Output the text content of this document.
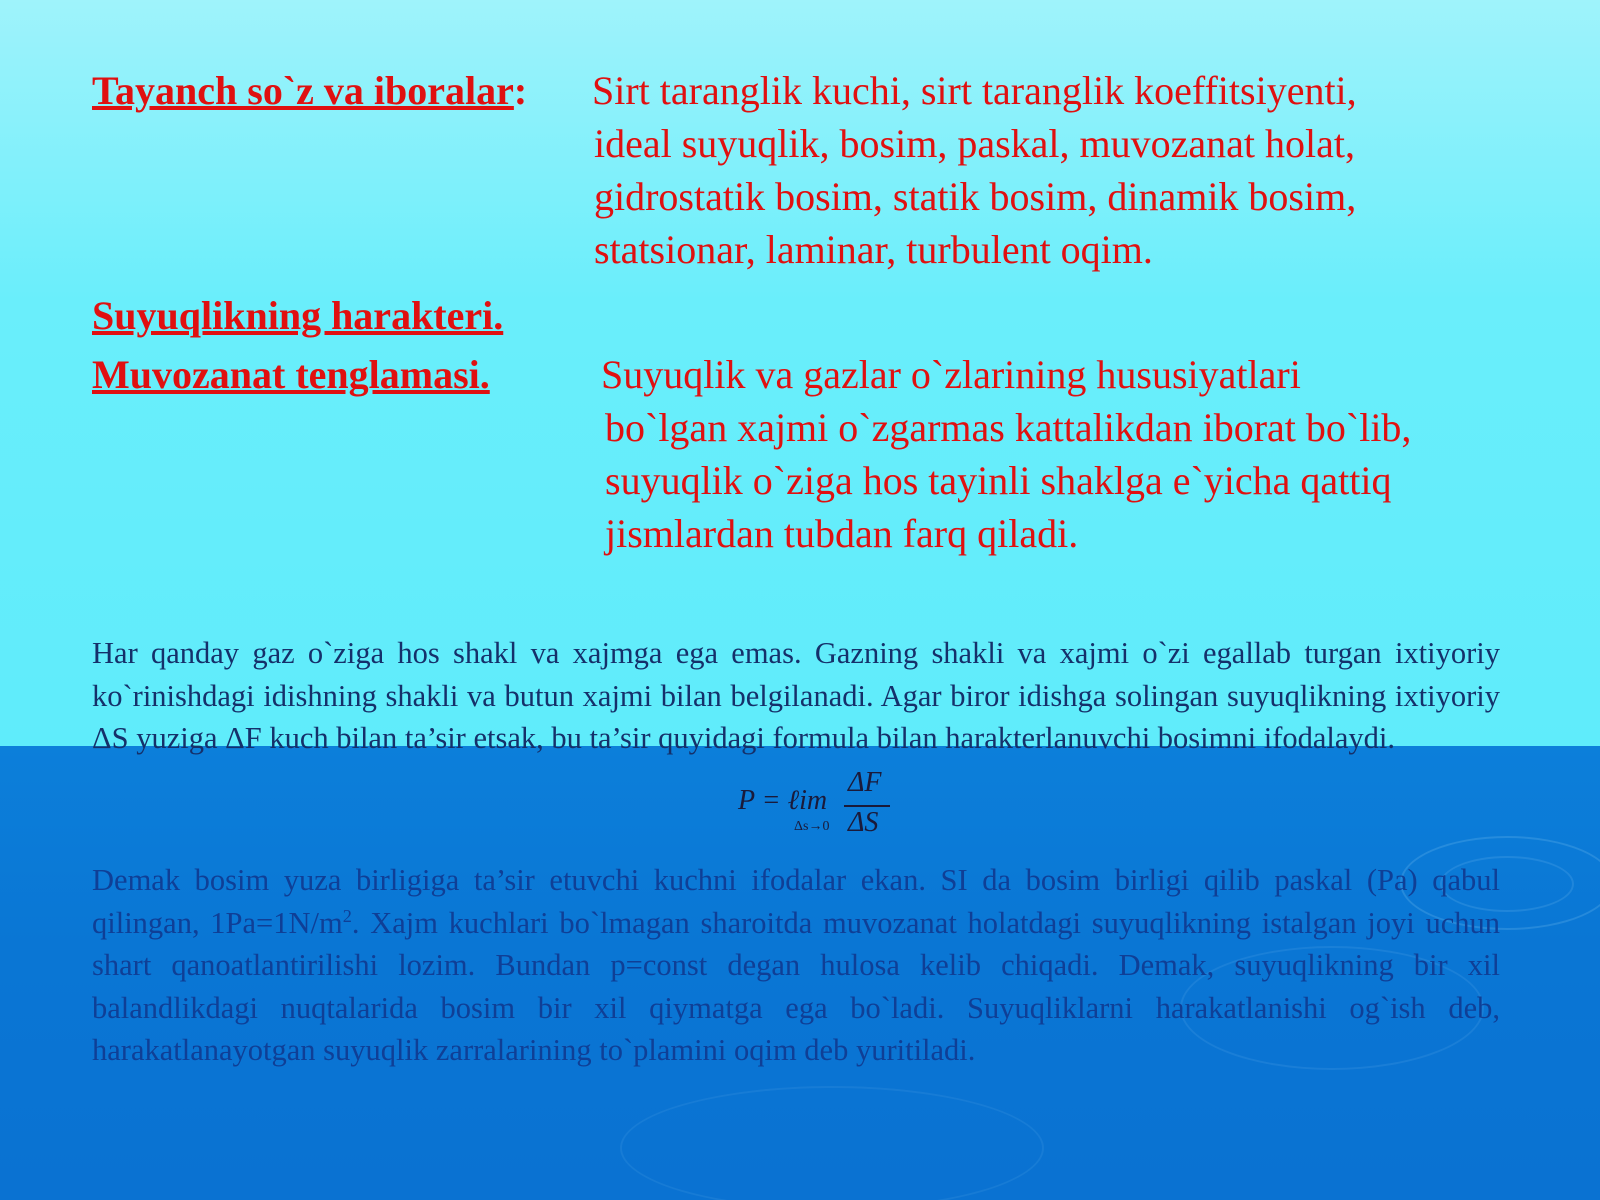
Tayanch so`z va iboralar: Sirt taranglik kuchi, sirt taranglik koeffitsiyenti,
ideal suyuqlik, bosim, paskal, muvozanat holat,
gidrostatik bosim, statik bosim, dinamik bosim,
statsionar, laminar, turbulent oqim.

Suyuqlikning harakteri.

Muvozanat tenglamasi.	Suyuqlik va gazlar o`zlarining hususiyatlari
bo`lgan xajmi o`zgarmas kattalikdan iborat bo`lib,
suyuqlik o`ziga hos tayinli shaklga e`yicha qattiq
jismlardan tubdan farq qiladi.

Har qanday gaz o`ziga hos shakl va xajmga ega emas. Gazning shakli va xajmi o`zi egallab turgan ixtiyoriy ko`rinishdagi idishning shakli va butun xajmi bilan belgilanadi. Agar biror idishga solingan suyuqlikning ixtiyoriy ΔS yuziga ΔF kuch bilan ta’sir etsak, bu ta’sir quyidagi formula bilan harakterlanuvchi bosimni ifodalaydi.

P = ℓim
Δs→0
ΔF
ΔS

Demak bosim yuza birligiga ta’sir etuvchi kuchni ifodalar ekan. SI da bosim birligi qilib paskal (Pa) qabul qilingan, $1Pa=1N/m^2$. Xajm kuchlari bo`lmagan sharoitda muvozanat holatdagi suyuqlikning istalgan joyi uchun shart qanoatlantirilishi lozim. Bundan p=const degan hulosa kelib chiqadi. Demak, suyuqlikning bir xil balandlikdagi nuqtalarida bosim bir xil qiymatga ega bo`ladi. Suyuqliklarni harakatlanishi og`ish deb, harakatlanayotgan suyuqlik zarralarining to`plamini oqim deb yuritiladi.
